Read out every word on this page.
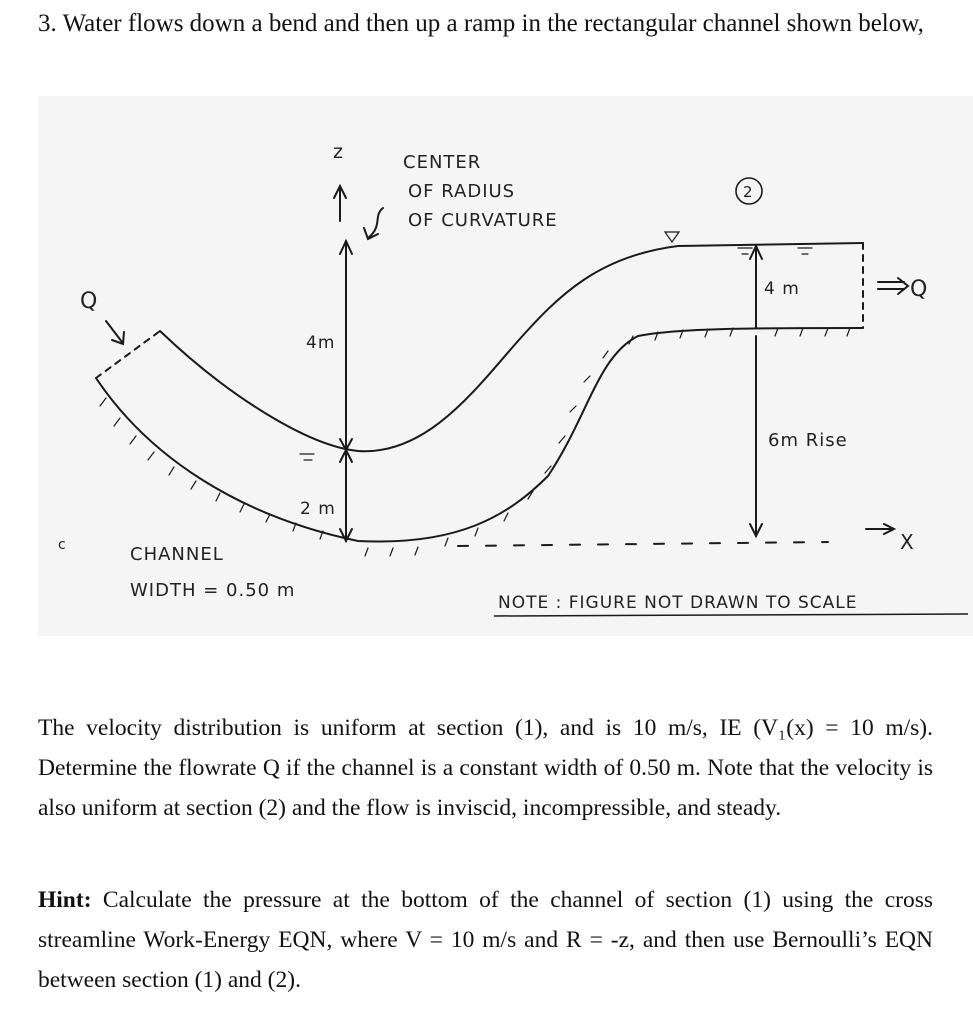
3. Water flows down a bend and then up a ramp in the rectangular channel shown below,
z	CENTER
OF RADIUS
OF CURVATURE
2
4 m	Q
Q
4m
2 m
6m Rise
X
c	CHANNEL
WIDTH = 0.50 m
NOTE : FIGURE NOT DRAWN TO SCALE
The velocity distribution is uniform at section (1), and is 10 m/s, IE (V₁(x) = 10 m/s). Determine the flowrate Q if the channel is a constant width of 0.50 m. Note that the velocity is also uniform at section (2) and the flow is inviscid, incompressible, and steady.
Hint: Calculate the pressure at the bottom of the channel of section (1) using the cross streamline Work-Energy EQN, where V = 10 m/s and R = -z, and then use Bernoulli’s EQN between section (1) and (2).
